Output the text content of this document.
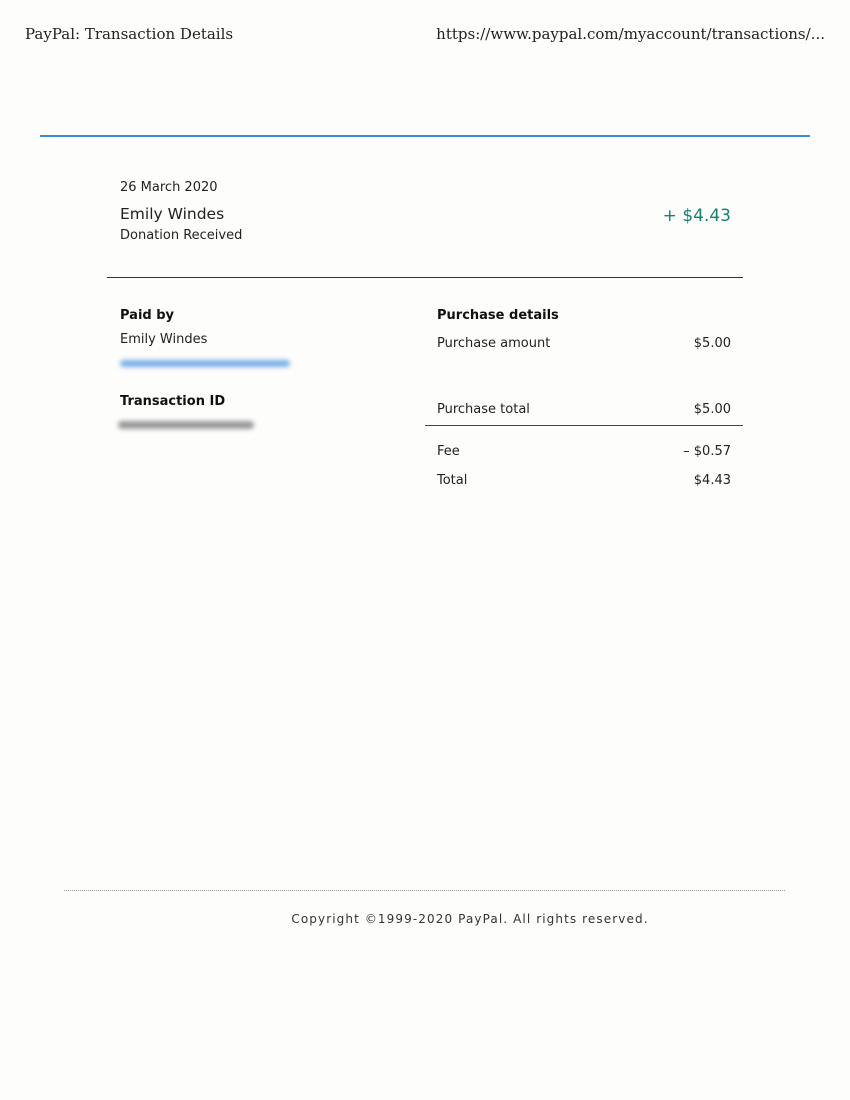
PayPal: Transaction Details	https://www.paypal.com/myaccount/transactions/...
26 March 2020
Emily Windes
Donation Received
+ $4.43
Paid by
Emily Windes
Transaction ID
Purchase details
Purchase amount	$5.00
Purchase total	$5.00
Fee	– $0.57
Total	$4.43
Copyright ©1999-2020 PayPal. All rights reserved.
